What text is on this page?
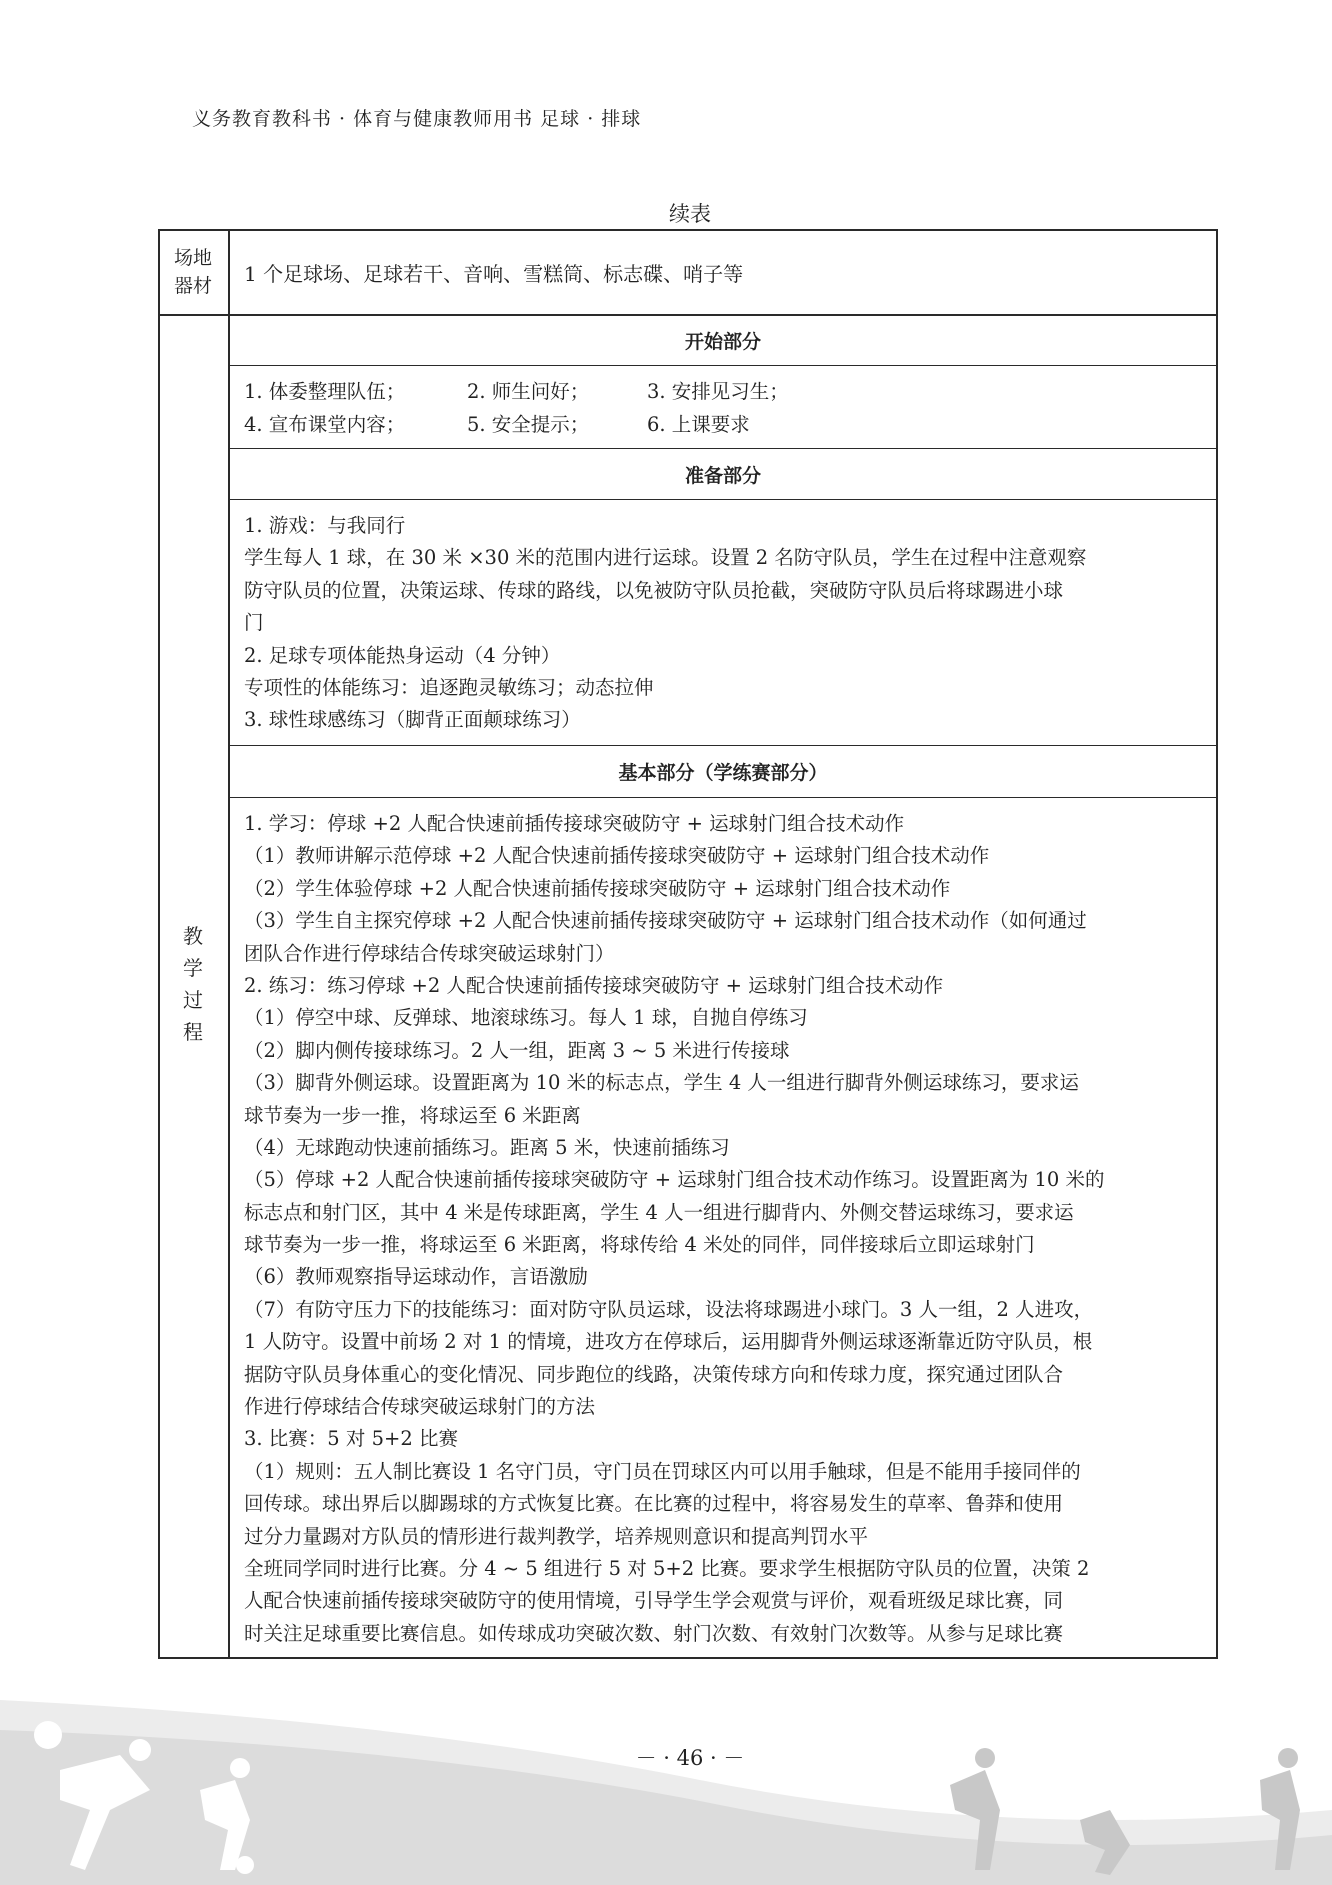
义务教育教科书 · 体育与健康教师用书 足球 · 排球
续表
场地
器材 1 个足球场、足球若干、音响、雪糕筒、标志碟、哨子等
教
学
过
程
开始部分
1. 体委整理队伍；	2. 师生问好；	3. 安排见习生；
4. 宣布课堂内容；	5. 安全提示；	6. 上课要求
准备部分
1. 游戏：与我同行
学生每人 1 球，在 30 米 ×30 米的范围内进行运球。设置 2 名防守队员，学生在过程中注意观察
防守队员的位置，决策运球、传球的路线，以免被防守队员抢截，突破防守队员后将球踢进小球
门
2. 足球专项体能热身运动（4 分钟）
专项性的体能练习：追逐跑灵敏练习；动态拉伸
3. 球性球感练习（脚背正面颠球练习）
基本部分（学练赛部分）
1. 学习：停球 +2 人配合快速前插传接球突破防守 + 运球射门组合技术动作
（1）教师讲解示范停球 +2 人配合快速前插传接球突破防守 + 运球射门组合技术动作
（2）学生体验停球 +2 人配合快速前插传接球突破防守 + 运球射门组合技术动作
（3）学生自主探究停球 +2 人配合快速前插传接球突破防守 + 运球射门组合技术动作（如何通过
团队合作进行停球结合传球突破运球射门）
2. 练习：练习停球 +2 人配合快速前插传接球突破防守 + 运球射门组合技术动作
（1）停空中球、反弹球、地滚球练习。每人 1 球，自抛自停练习
（2）脚内侧传接球练习。2 人一组，距离 3 ~ 5 米进行传接球
（3）脚背外侧运球。设置距离为 10 米的标志点，学生 4 人一组进行脚背外侧运球练习，要求运
球节奏为一步一推，将球运至 6 米距离
（4）无球跑动快速前插练习。距离 5 米，快速前插练习
（5）停球 +2 人配合快速前插传接球突破防守 + 运球射门组合技术动作练习。设置距离为 10 米的
标志点和射门区，其中 4 米是传球距离，学生 4 人一组进行脚背内、外侧交替运球练习，要求运
球节奏为一步一推，将球运至 6 米距离，将球传给 4 米处的同伴，同伴接球后立即运球射门
（6）教师观察指导运球动作，言语激励
（7）有防守压力下的技能练习：面对防守队员运球，设法将球踢进小球门。3 人一组，2 人进攻，
1 人防守。设置中前场 2 对 1 的情境，进攻方在停球后，运用脚背外侧运球逐渐靠近防守队员，根
据防守队员身体重心的变化情况、同步跑位的线路，决策传球方向和传球力度，探究通过团队合
作进行停球结合传球突破运球射门的方法
3. 比赛：5 对 5+2 比赛
（1）规则：五人制比赛设 1 名守门员，守门员在罚球区内可以用手触球，但是不能用手接同伴的
回传球。球出界后以脚踢球的方式恢复比赛。在比赛的过程中，将容易发生的草率、鲁莽和使用
过分力量踢对方队员的情形进行裁判教学，培养规则意识和提高判罚水平
全班同学同时进行比赛。分 4 ~ 5 组进行 5 对 5+2 比赛。要求学生根据防守队员的位置，决策 2
人配合快速前插传接球突破防守的使用情境，引导学生学会观赏与评价，观看班级足球比赛，同
时关注足球重要比赛信息。如传球成功突破次数、射门次数、有效射门次数等。从参与足球比赛
－ · 46 · －
